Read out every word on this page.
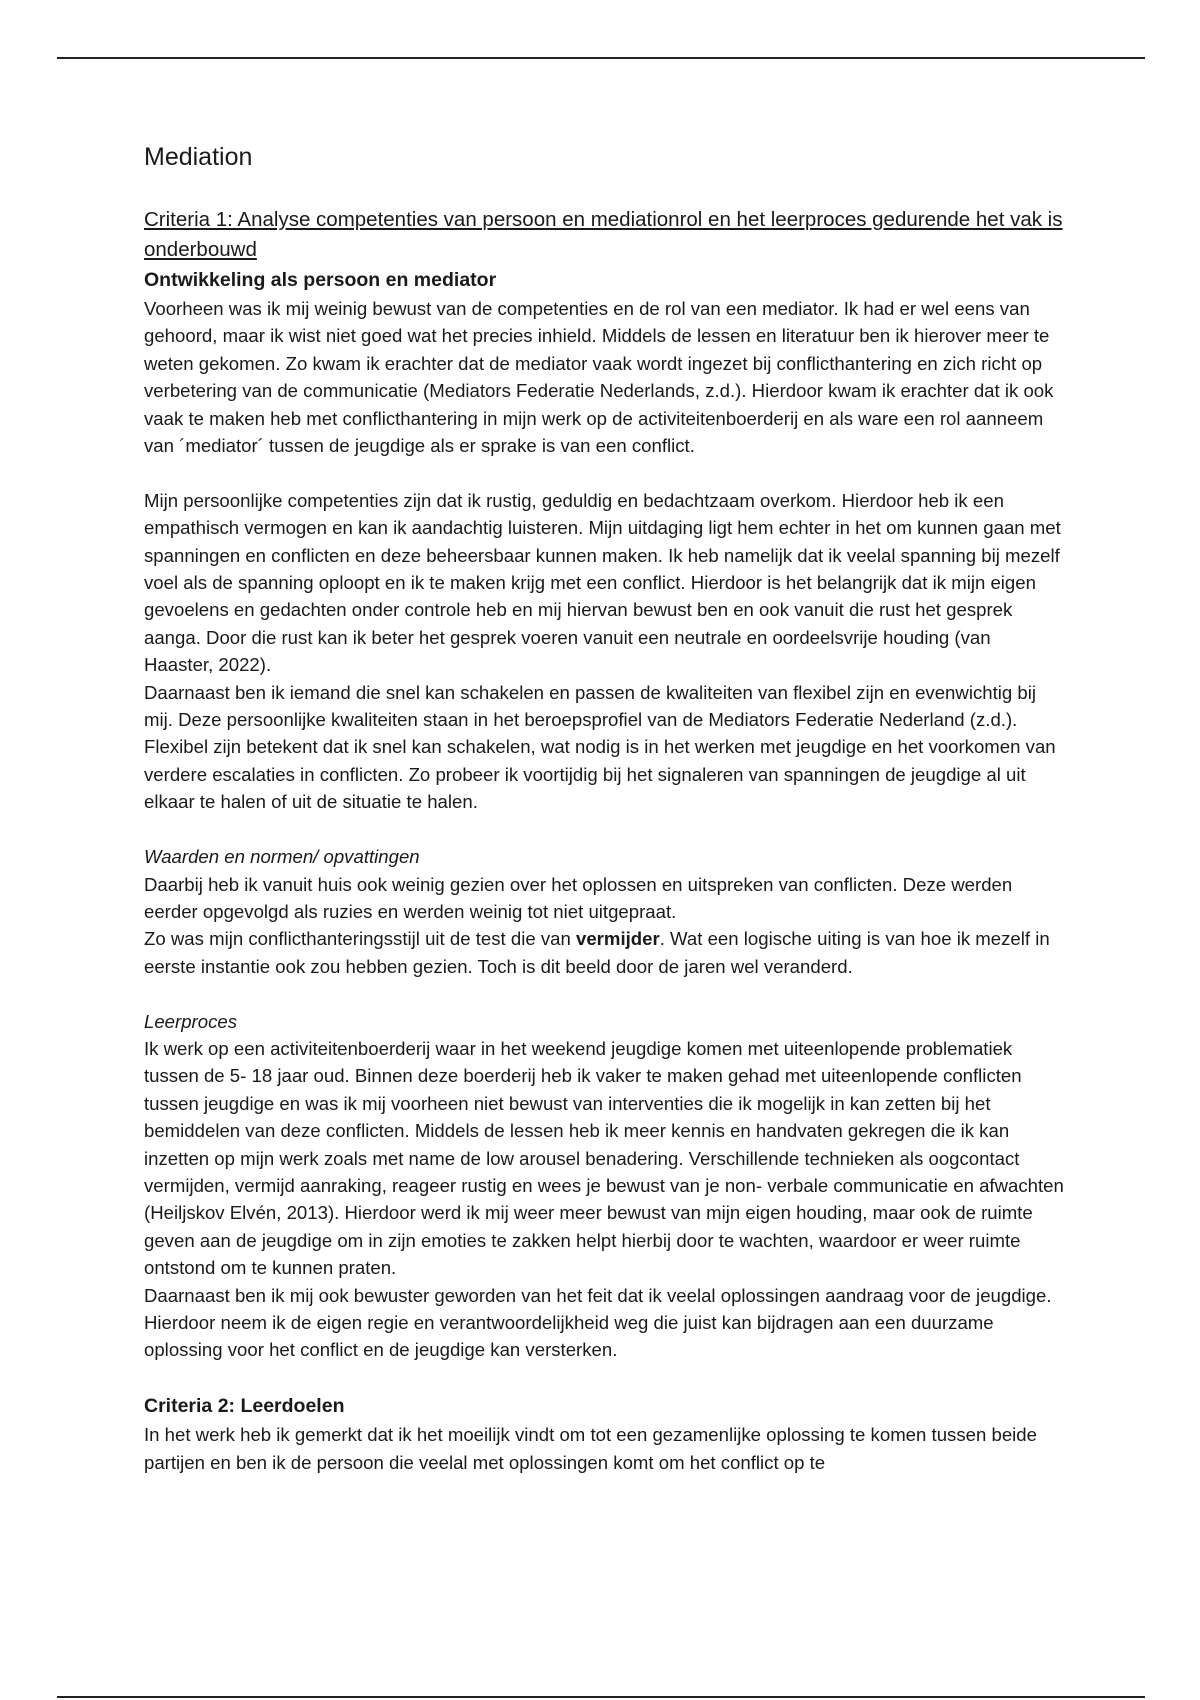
Mediation
Criteria 1: Analyse competenties van persoon en mediationrol en het leerproces gedurende het vak is onderbouwd
Ontwikkeling als persoon en mediator

Voorheen was ik mij weinig bewust van de competenties en de rol van een mediator. Ik had er wel eens van gehoord, maar ik wist niet goed wat het precies inhield. Middels de lessen en literatuur ben ik hierover meer te weten gekomen. Zo kwam ik erachter dat de mediator vaak wordt ingezet bij conflicthantering en zich richt op verbetering van de communicatie (Mediators Federatie Nederlands, z.d.). Hierdoor kwam ik erachter dat ik ook vaak te maken heb met conflicthantering in mijn werk op de activiteitenboerderij en als ware een rol aanneem van ´mediator´ tussen de jeugdige als er sprake is van een conflict.

Mijn persoonlijke competenties zijn dat ik rustig, geduldig en bedachtzaam overkom. Hierdoor heb ik een empathisch vermogen en kan ik aandachtig luisteren. Mijn uitdaging ligt hem echter in het om kunnen gaan met spanningen en conflicten en deze beheersbaar kunnen maken. Ik heb namelijk dat ik veelal spanning bij mezelf voel als de spanning oploopt en ik te maken krijg met een conflict. Hierdoor is het belangrijk dat ik mijn eigen gevoelens en gedachten onder controle heb en mij hiervan bewust ben en ook vanuit die rust het gesprek aanga. Door die rust kan ik beter het gesprek voeren vanuit een neutrale en oordeelsvrije houding (van Haaster, 2022).

Daarnaast ben ik iemand die snel kan schakelen en passen de kwaliteiten van flexibel zijn en evenwichtig bij mij. Deze persoonlijke kwaliteiten staan in het beroepsprofiel van de Mediators Federatie Nederland (z.d.). Flexibel zijn betekent dat ik snel kan schakelen, wat nodig is in het werken met jeugdige en het voorkomen van verdere escalaties in conflicten. Zo probeer ik voortijdig bij het signaleren van spanningen de jeugdige al uit elkaar te halen of uit de situatie te halen.

Waarden en normen/ opvattingen

Daarbij heb ik vanuit huis ook weinig gezien over het oplossen en uitspreken van conflicten. Deze werden eerder opgevolgd als ruzies en werden weinig tot niet uitgepraat.

Zo was mijn conflicthanteringsstijl uit de test die van vermijder. Wat een logische uiting is van hoe ik mezelf in eerste instantie ook zou hebben gezien. Toch is dit beeld door de jaren wel veranderd.

Leerproces

Ik werk op een activiteitenboerderij waar in het weekend jeugdige komen met uiteenlopende problematiek tussen de 5- 18 jaar oud. Binnen deze boerderij heb ik vaker te maken gehad met uiteenlopende conflicten tussen jeugdige en was ik mij voorheen niet bewust van interventies die ik mogelijk in kan zetten bij het bemiddelen van deze conflicten. Middels de lessen heb ik meer kennis en handvaten gekregen die ik kan inzetten op mijn werk zoals met name de low arousel benadering. Verschillende technieken als oogcontact vermijden, vermijd aanraking, reageer rustig en wees je bewust van je non- verbale communicatie en afwachten (Heiljskov Elvén, 2013). Hierdoor werd ik mij weer meer bewust van mijn eigen houding, maar ook de ruimte geven aan de jeugdige om in zijn emoties te zakken helpt hierbij door te wachten, waardoor er weer ruimte ontstond om te kunnen praten.

Daarnaast ben ik mij ook bewuster geworden van het feit dat ik veelal oplossingen aandraag voor de jeugdige. Hierdoor neem ik de eigen regie en verantwoordelijkheid weg die juist kan bijdragen aan een duurzame oplossing voor het conflict en de jeugdige kan versterken.

Criteria 2: Leerdoelen

In het werk heb ik gemerkt dat ik het moeilijk vindt om tot een gezamenlijke oplossing te komen tussen beide partijen en ben ik de persoon die veelal met oplossingen komt om het conflict op te
